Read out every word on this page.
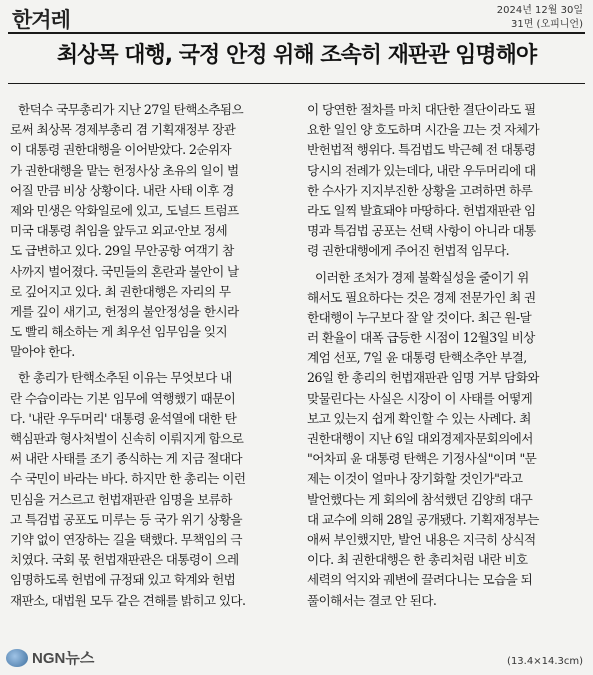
한겨레	2024년 12월 30일
31면 (오피니언)
최상목 대행, 국정 안정 위해 조속히 재판관 임명해야
한덕수 국무총리가 지난 27일 탄핵소추됨으
로써 최상목 경제부총리 겸 기획재정부 장관
이 대통령 권한대행을 이어받았다. 2순위자
가 권한대행을 맡는 헌정사상 초유의 일이 벌
어질 만큼 비상 상황이다. 내란 사태 이후 경
제와 민생은 악화일로에 있고, 도널드 트럼프
미국 대통령 취임을 앞두고 외교·안보 정세
도 급변하고 있다. 29일 무안공항 여객기 참
사까지 벌어졌다. 국민들의 혼란과 불안이 날
로 깊어지고 있다. 최 권한대행은 자리의 무
게를 깊이 새기고, 헌정의 불안정성을 한시라
도 빨리 해소하는 게 최우선 임무임을 잊지
말아야 한다.
한 총리가 탄핵소추된 이유는 무엇보다 내
란 수습이라는 기본 임무에 역행했기 때문이
다. '내란 우두머리' 대통령 윤석열에 대한 탄
핵심판과 형사처벌이 신속히 이뤄지게 함으로
써 내란 사태를 조기 종식하는 게 지금 절대다
수 국민이 바라는 바다. 하지만 한 총리는 이런
민심을 거스르고 헌법재판관 임명을 보류하
고 특검법 공포도 미루는 등 국가 위기 상황을
기약 없이 연장하는 길을 택했다. 무책임의 극
치였다. 국회 몫 헌법재판관은 대통령이 으레
임명하도록 헌법에 규정돼 있고 학계와 헌법
재판소, 대법원 모두 같은 견해를 밝히고 있다.
이 당연한 절차를 마치 대단한 결단이라도 필
요한 일인 양 호도하며 시간을 끄는 것 자체가
반헌법적 행위다. 특검법도 박근혜 전 대통령
당시의 전례가 있는데다, 내란 우두머리에 대
한 수사가 지지부진한 상황을 고려하면 하루
라도 일찍 발효돼야 마땅하다. 헌법재판관 임
명과 특검법 공포는 선택 사항이 아니라 대통
령 권한대행에게 주어진 헌법적 임무다.
이러한 조처가 경제 불확실성을 줄이기 위
해서도 필요하다는 것은 경제 전문가인 최 권
한대행이 누구보다 잘 알 것이다. 최근 원-달
러 환율이 대폭 급등한 시점이 12월3일 비상
계엄 선포, 7일 윤 대통령 탄핵소추안 부결,
26일 한 총리의 헌법재판관 임명 거부 담화와
맞물린다는 사실은 시장이 이 사태를 어떻게
보고 있는지 쉽게 확인할 수 있는 사례다. 최
권한대행이 지난 6일 대외경제자문회의에서
"어차피 윤 대통령 탄핵은 기정사실"이며 "문
제는 이것이 얼마나 장기화할 것인가"라고
발언했다는 게 회의에 참석했던 김양희 대구
대 교수에 의해 28일 공개됐다. 기획재정부는
애써 부인했지만, 발언 내용은 지극히 상식적
이다. 최 권한대행은 한 총리처럼 내란 비호
세력의 억지와 궤변에 끌려다니는 모습을 되
풀이해서는 결코 안 된다.
NGN뉴스	(13.4×14.3cm)
